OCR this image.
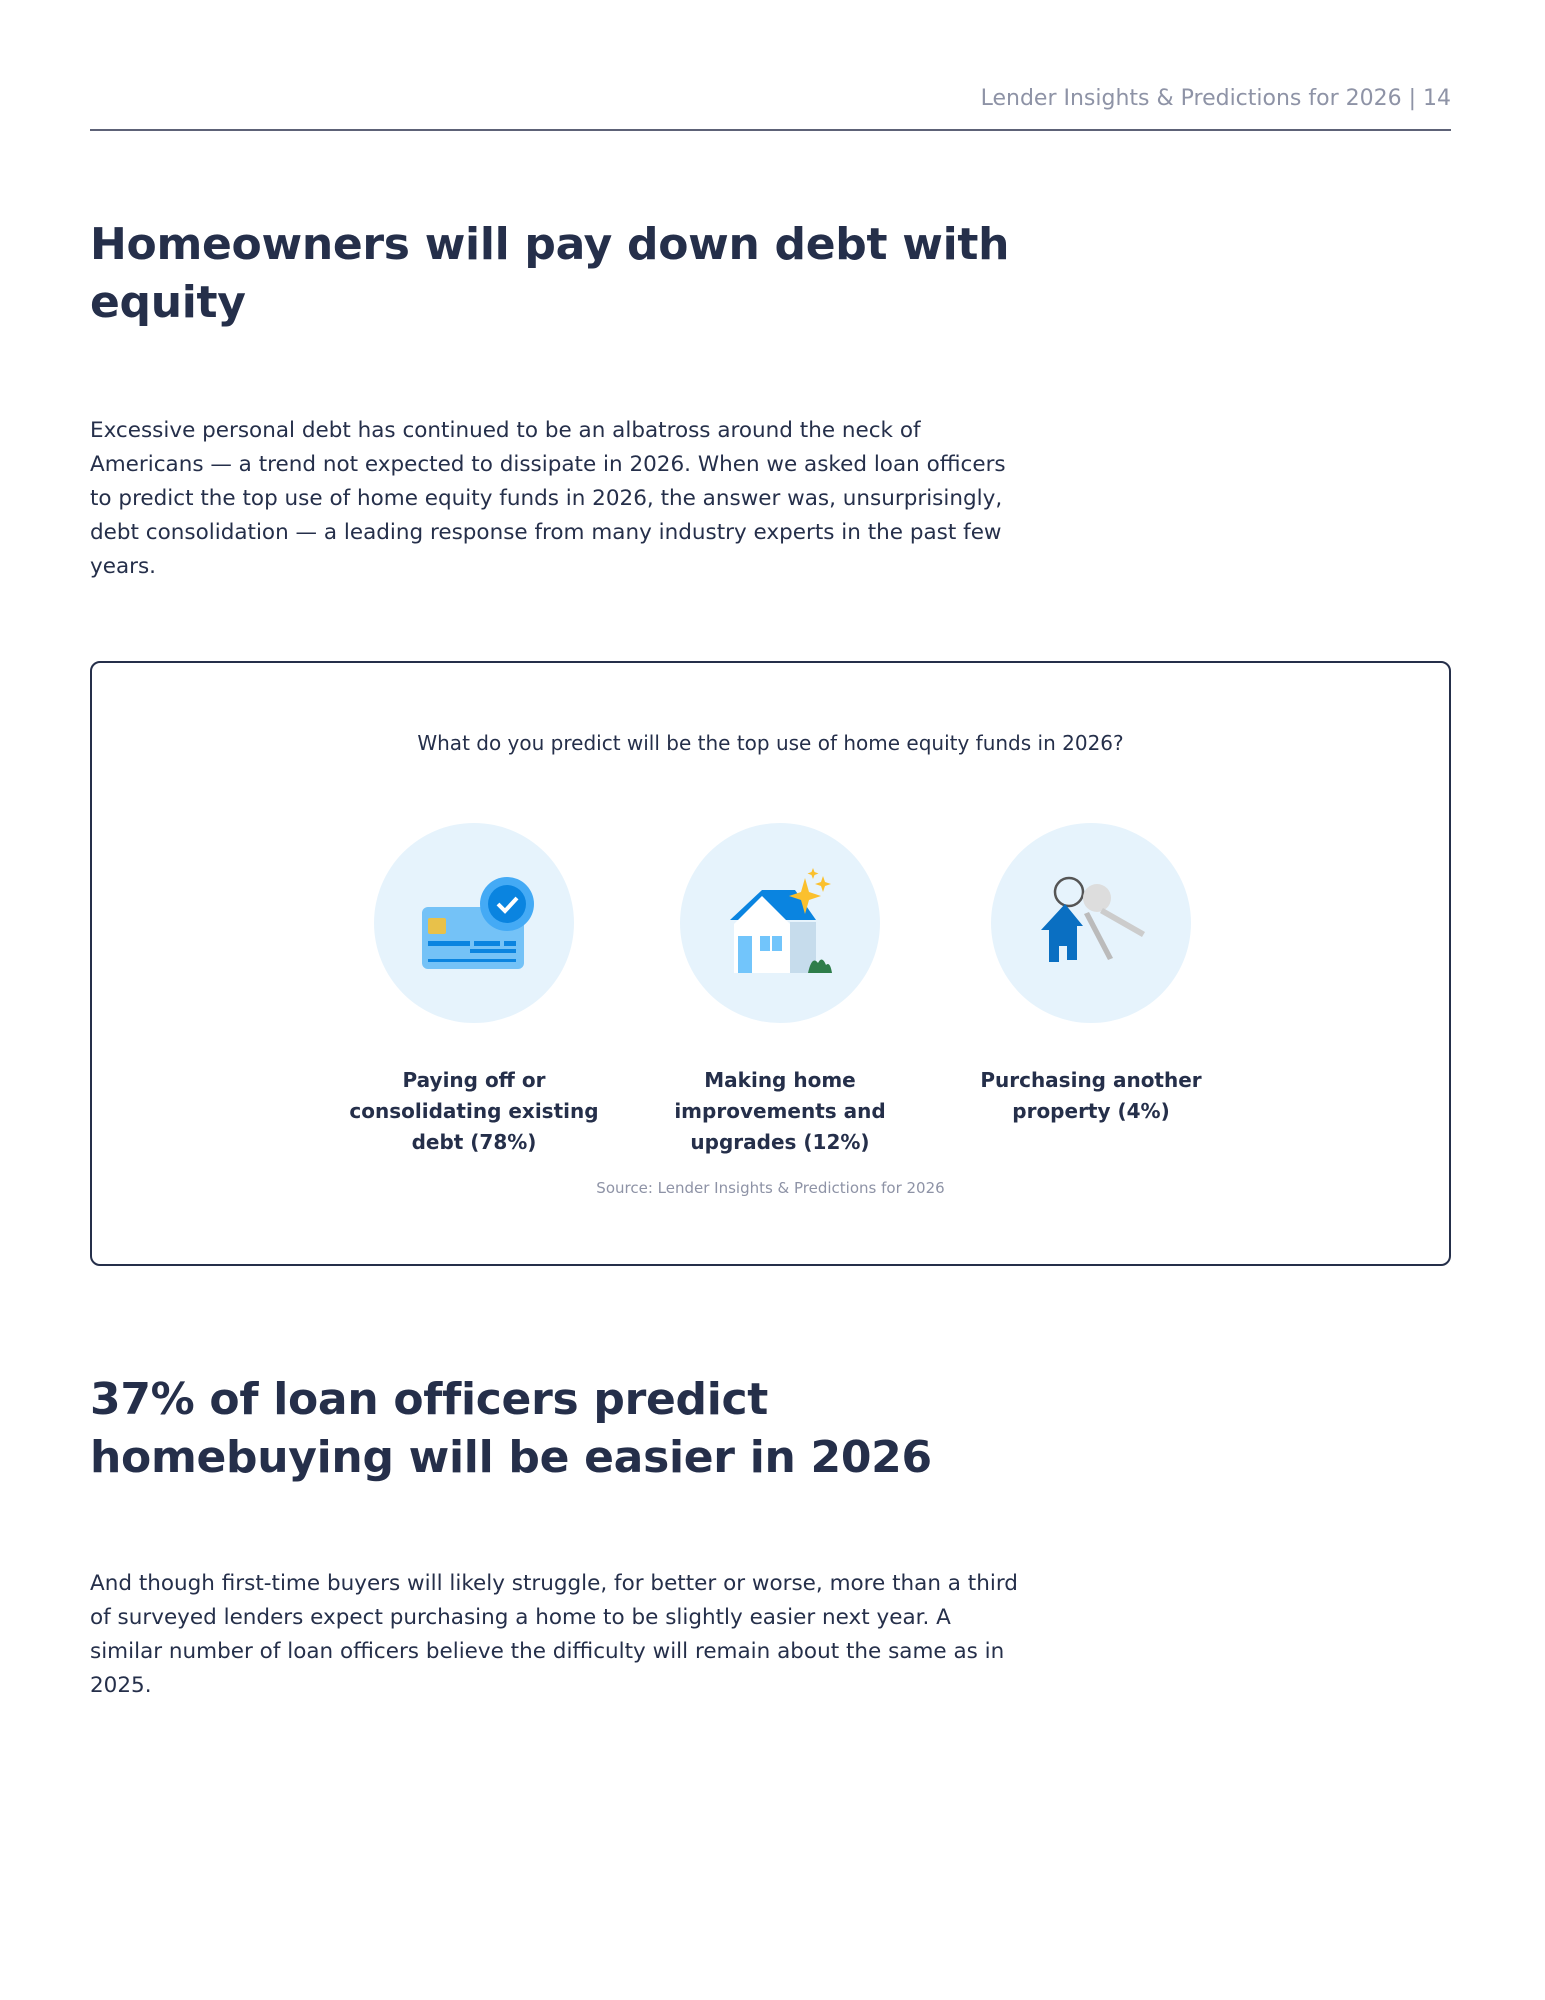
Lender Insights & Predictions for 2026 | 14
Homeowners will pay down debt with equity

Excessive personal debt has continued to be an albatross around the neck of Americans — a trend not expected to dissipate in 2026. When we asked loan officers to predict the top use of home equity funds in 2026, the answer was, unsurprisingly, debt consolidation — a leading response from many industry experts in the past few years.

What do you predict will be the top use of home equity funds in 2026?
Paying off or consolidating existing debt (78%)
Making home improvements and upgrades (12%)
Purchasing another property (4%)
Source: Lender Insights & Predictions for 2026
37% of loan officers predict homebuying will be easier in 2026

And though first-time buyers will likely struggle, for better or worse, more than a third of surveyed lenders expect purchasing a home to be slightly easier next year. A similar number of loan officers believe the difficulty will remain about the same as in 2025.
